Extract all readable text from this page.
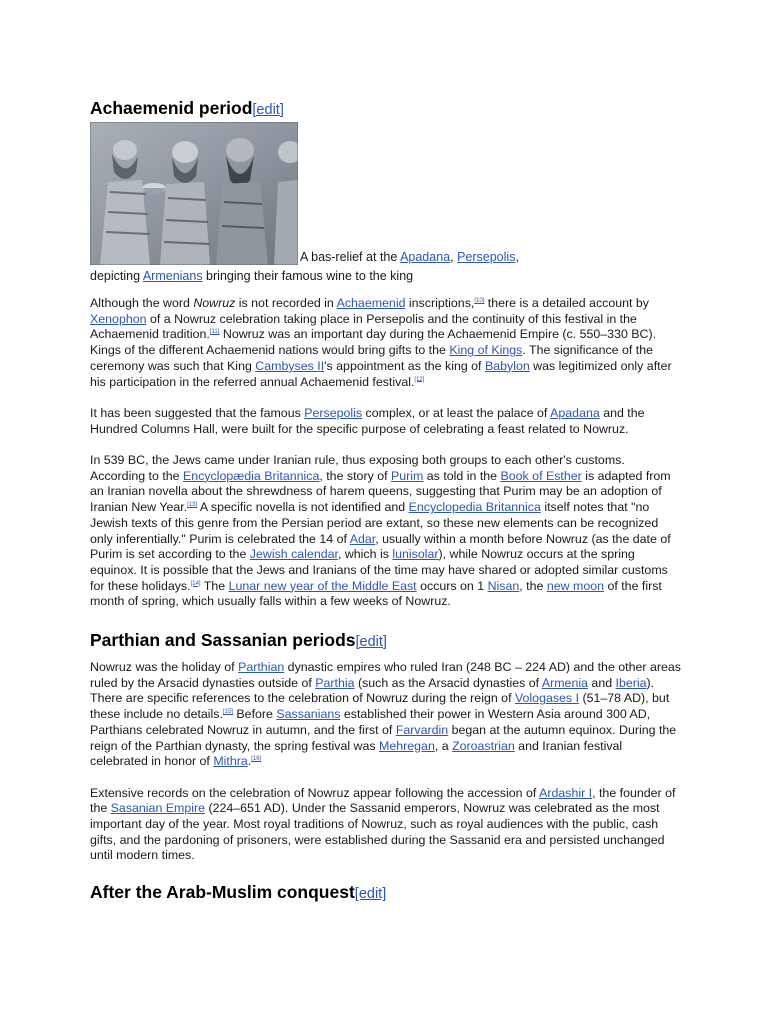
Achaemenid period[edit]
A bas-relief at the Apadana, Persepolis,
depicting Armenians bringing their famous wine to the king

Although the word Nowruz is not recorded in Achaemenid inscriptions,[10] there is a detailed account by Xenophon of a Nowruz celebration taking place in Persepolis and the continuity of this festival in the Achaemenid tradition.[11] Nowruz was an important day during the Achaemenid Empire (c. 550–330 BC). Kings of the different Achaemenid nations would bring gifts to the King of Kings. The significance of the ceremony was such that King Cambyses II's appointment as the king of Babylon was legitimized only after his participation in the referred annual Achaemenid festival.[12]

It has been suggested that the famous Persepolis complex, or at least the palace of Apadana and the Hundred Columns Hall, were built for the specific purpose of celebrating a feast related to Nowruz.

In 539 BC, the Jews came under Iranian rule, thus exposing both groups to each other's customs. According to the Encyclopædia Britannica, the story of Purim as told in the Book of Esther is adapted from an Iranian novella about the shrewdness of harem queens, suggesting that Purim may be an adoption of Iranian New Year.[13] A specific novella is not identified and Encyclopedia Britannica itself notes that "no Jewish texts of this genre from the Persian period are extant, so these new elements can be recognized only inferentially." Purim is celebrated the 14 of Adar, usually within a month before Nowruz (as the date of Purim is set according to the Jewish calendar, which is lunisolar), while Nowruz occurs at the spring equinox. It is possible that the Jews and Iranians of the time may have shared or adopted similar customs for these holidays.[14] The Lunar new year of the Middle East occurs on 1 Nisan, the new moon of the first month of spring, which usually falls within a few weeks of Nowruz.

Parthian and Sassanian periods[edit]

Nowruz was the holiday of Parthian dynastic empires who ruled Iran (248 BC – 224 AD) and the other areas ruled by the Arsacid dynasties outside of Parthia (such as the Arsacid dynasties of Armenia and Iberia). There are specific references to the celebration of Nowruz during the reign of Vologases I (51–78 AD), but these include no details.[15] Before Sassanians established their power in Western Asia around 300 AD, Parthians celebrated Nowruz in autumn, and the first of Farvardin began at the autumn equinox. During the reign of the Parthian dynasty, the spring festival was Mehregan, a Zoroastrian and Iranian festival celebrated in honor of Mithra.[16]

Extensive records on the celebration of Nowruz appear following the accession of Ardashir I, the founder of the Sasanian Empire (224–651 AD). Under the Sassanid emperors, Nowruz was celebrated as the most important day of the year. Most royal traditions of Nowruz, such as royal audiences with the public, cash gifts, and the pardoning of prisoners, were established during the Sassanid era and persisted unchanged until modern times.

After the Arab-Muslim conquest[edit]
